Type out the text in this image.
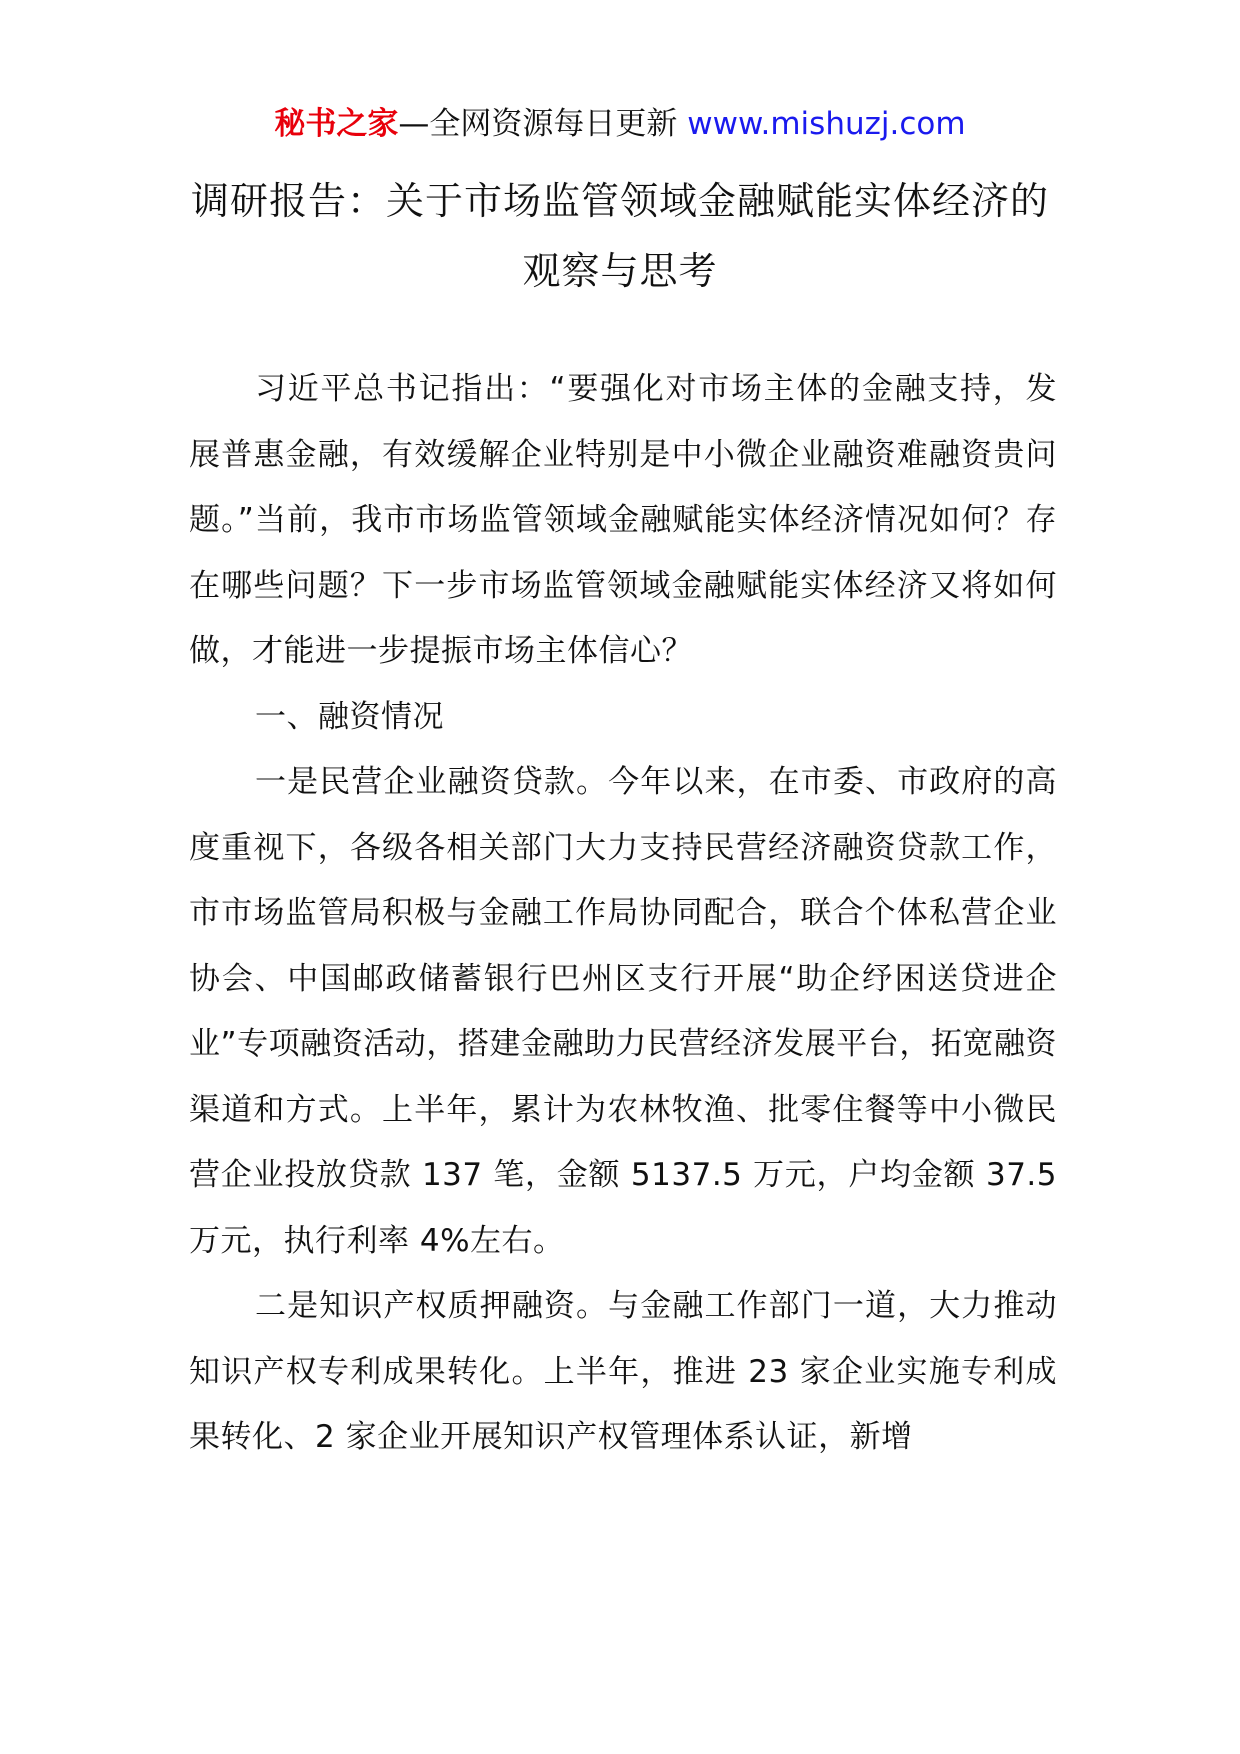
秘书之家—全网资源每日更新 www.mishuzj.com
调研报告：关于市场监管领域金融赋能实体经济的观察与思考

习近平总书记指出：“要强化对市场主体的金融支持，发展普惠金融，有效缓解企业特别是中小微企业融资难融资贵问题。”当前，我市市场监管领域金融赋能实体经济情况如何？存在哪些问题？下一步市场监管领域金融赋能实体经济又将如何做，才能进一步提振市场主体信心？

一、融资情况

一是民营企业融资贷款。今年以来，在市委、市政府的高度重视下，各级各相关部门大力支持民营经济融资贷款工作，市市场监管局积极与金融工作局协同配合，联合个体私营企业协会、中国邮政储蓄银行巴州区支行开展“助企纾困送贷进企业”专项融资活动，搭建金融助力民营经济发展平台，拓宽融资渠道和方式。上半年，累计为农林牧渔、批零住餐等中小微民营企业投放贷款 137 笔，金额 5137.5 万元，户均金额 37.5 万元，执行利率 4%左右。

二是知识产权质押融资。与金融工作部门一道，大力推动知识产权专利成果转化。上半年，推进 23 家企业实施专利成果转化、2 家企业开展知识产权管理体系认证，新增
